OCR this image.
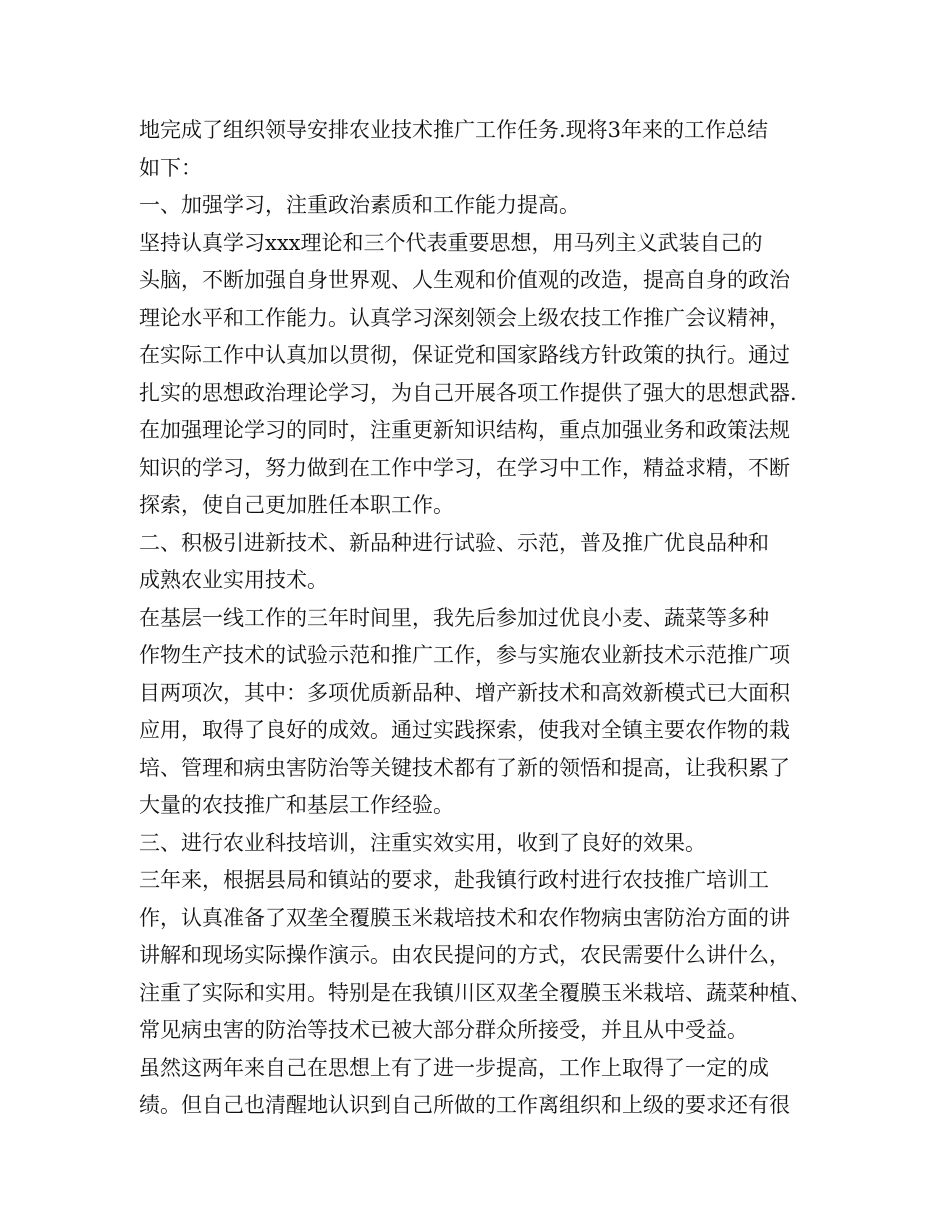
地完成了组织领导安排农业技术推广工作任务.现将3年来的工作总结
如下：
一、加强学习，注重政治素质和工作能力提高。
坚持认真学习xxx理论和三个代表重要思想，用马列主义武装自己的
头脑，不断加强自身世界观、人生观和价值观的改造，提高自身的政治
理论水平和工作能力。认真学习深刻领会上级农技工作推广会议精神，
在实际工作中认真加以贯彻，保证党和国家路线方针政策的执行。通过
扎实的思想政治理论学习，为自己开展各项工作提供了强大的思想武器.
在加强理论学习的同时，注重更新知识结构，重点加强业务和政策法规
知识的学习，努力做到在工作中学习，在学习中工作，精益求精，不断
探索，使自己更加胜任本职工作。
二、积极引进新技术、新品种进行试验、示范，普及推广优良品种和
成熟农业实用技术。
在基层一线工作的三年时间里，我先后参加过优良小麦、蔬菜等多种
作物生产技术的试验示范和推广工作，参与实施农业新技术示范推广项
目两项次，其中：多项优质新品种、增产新技术和高效新模式已大面积
应用，取得了良好的成效。通过实践探索，使我对全镇主要农作物的栽
培、管理和病虫害防治等关键技术都有了新的领悟和提高，让我积累了
大量的农技推广和基层工作经验。
三、进行农业科技培训，注重实效实用，收到了良好的效果。
三年来，根据县局和镇站的要求，赴我镇行政村进行农技推广培训工
作，认真准备了双垄全覆膜玉米栽培技术和农作物病虫害防治方面的讲
讲解和现场实际操作演示。由农民提问的方式，农民需要什么讲什么，
注重了实际和实用。特别是在我镇川区双垄全覆膜玉米栽培、蔬菜种植、
常见病虫害的防治等技术已被大部分群众所接受，并且从中受益。
虽然这两年来自己在思想上有了进一步提高，工作上取得了一定的成
绩。但自己也清醒地认识到自己所做的工作离组织和上级的要求还有很
